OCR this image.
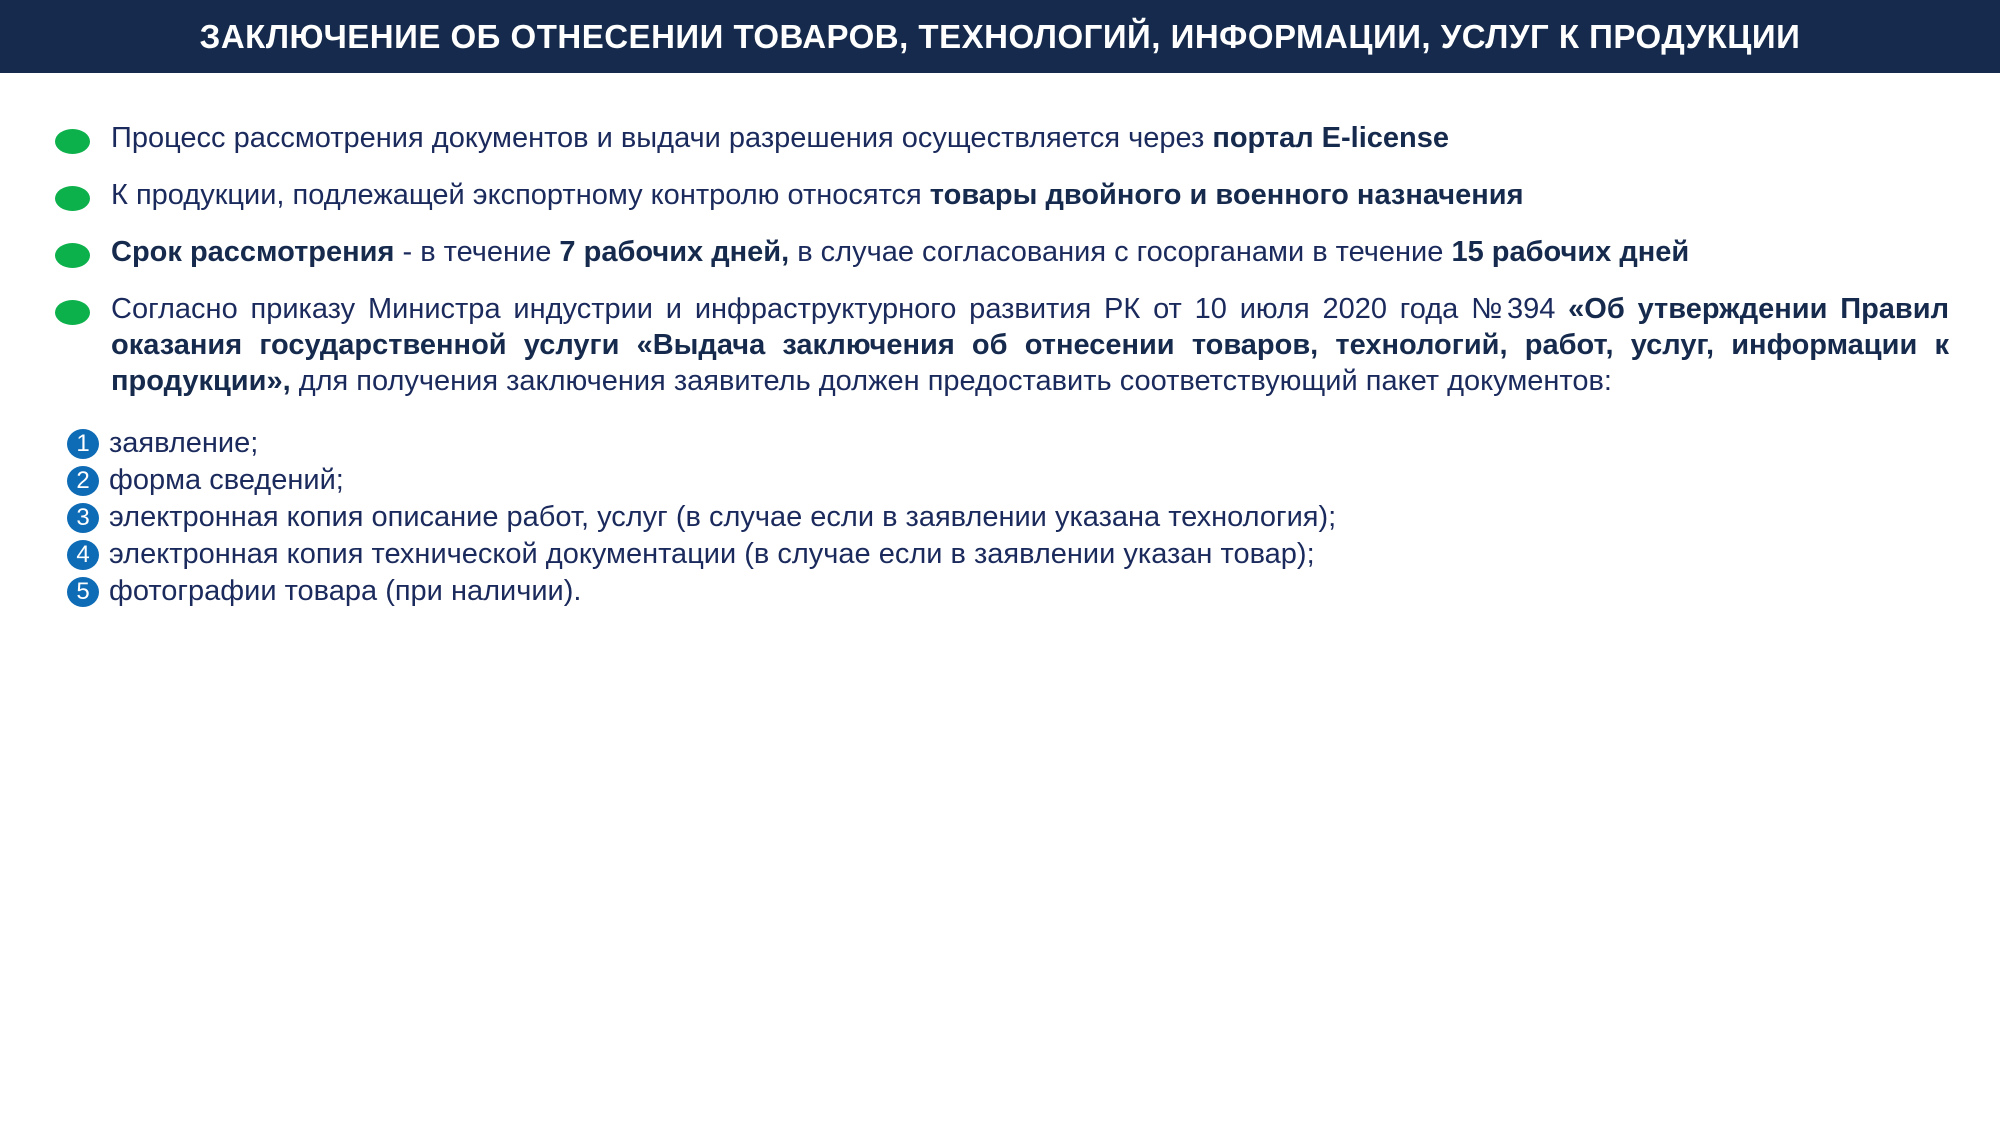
ЗАКЛЮЧЕНИЕ ОБ ОТНЕСЕНИИ ТОВАРОВ, ТЕХНОЛОГИЙ, ИНФОРМАЦИИ, УСЛУГ К ПРОДУКЦИИ
Процесс рассмотрения документов и выдачи разрешения осуществляется через портал E-license
К продукции, подлежащей экспортному контролю относятся товары двойного и военного назначения
Срок рассмотрения - в течение 7 рабочих дней, в случае согласования с госорганами в течение 15 рабочих дней
Согласно приказу Министра индустрии и инфраструктурного развития РК от 10 июля 2020 года №394 «Об утверждении Правил оказания государственной услуги «Выдача заключения об отнесении товаров, технологий, работ, услуг, информации к продукции», для получения заключения заявитель должен предоставить соответствующий пакет документов:
1 заявление;
2 форма сведений;
3 электронная копия описание работ, услуг (в случае если в заявлении указана технология);
4 электронная копия технической документации (в случае если в заявлении указан товар);
5 фотографии товара (при наличии).
